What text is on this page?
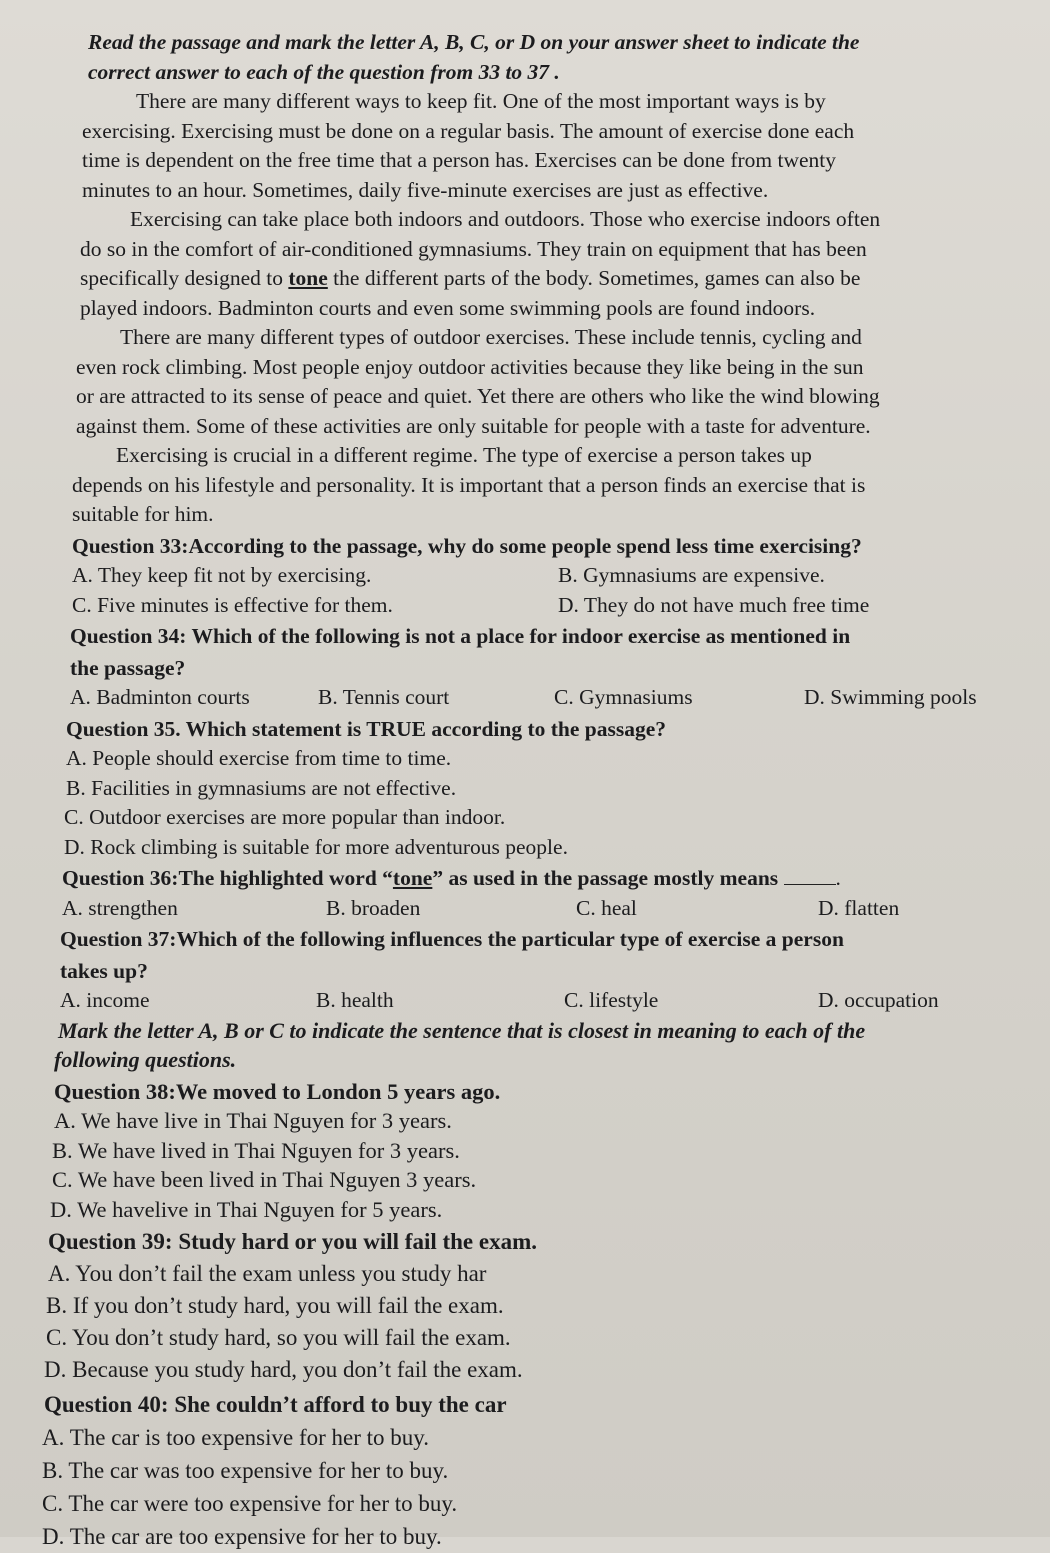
Read the passage and mark the letter A, B, C, or D on your answer sheet to indicate the
correct answer to each of the question from 33 to 37 .
There are many different ways to keep fit. One of the most important ways is by
exercising. Exercising must be done on a regular basis. The amount of exercise done each
time is dependent on the free time that a person has. Exercises can be done from twenty
minutes to an hour. Sometimes, daily five-minute exercises are just as effective.
Exercising can take place both indoors and outdoors. Those who exercise indoors often
do so in the comfort of air-conditioned gymnasiums. They train on equipment that has been
specifically designed to tone the different parts of the body. Sometimes, games can also be
played indoors. Badminton courts and even some swimming pools are found indoors.
There are many different types of outdoor exercises. These include tennis, cycling and
even rock climbing. Most people enjoy outdoor activities because they like being in the sun
or are attracted to its sense of peace and quiet. Yet there are others who like the wind blowing
against them. Some of these activities are only suitable for people with a taste for adventure.
Exercising is crucial in a different regime. The type of exercise a person takes up
depends on his lifestyle and personality. It is important that a person finds an exercise that is
suitable for him.
Question 33:According to the passage, why do some people spend less time exercising?
A. They keep fit not by exercising.	B. Gymnasiums are expensive.
C. Five minutes is effective for them.	D. They do not have much free time
Question 34: Which of the following is not a place for indoor exercise as mentioned in
the passage?
A. Badminton courts	B. Tennis court	C. Gymnasiums	D. Swimming pools
Question 35. Which statement is TRUE according to the passage?
A. People should exercise from time to time.
B. Facilities in gymnasiums are not effective.
C. Outdoor exercises are more popular than indoor.
D. Rock climbing is suitable for more adventurous people.
Question 36:The highlighted word “tone” as used in the passage mostly means	.
A. strengthen	B. broaden	C. heal	D. flatten
Question 37:Which of the following influences the particular type of exercise a person
takes up?
A. income	B. health	C. lifestyle	D. occupation
Mark the letter A, B or C to indicate the sentence that is closest in meaning to each of the
following questions.
Question 38:We moved to London 5 years ago.
A. We have live in Thai Nguyen for 3 years.
B. We have lived in Thai Nguyen for 3 years.
C. We have been lived in Thai Nguyen 3 years.
D. We havelive in Thai Nguyen for 5 years.
Question 39: Study hard or you will fail the exam.
A. You don’t fail the exam unless you study har
B. If you don’t study hard, you will fail the exam.
C. You don’t study hard, so you will fail the exam.
D. Because you study hard, you don’t fail the exam.
Question 40: She couldn’t afford to buy the car
A. The car is too expensive for her to buy.
B. The car was too expensive for her to buy.
C. The car were too expensive for her to buy.
D. The car are too expensive for her to buy.
